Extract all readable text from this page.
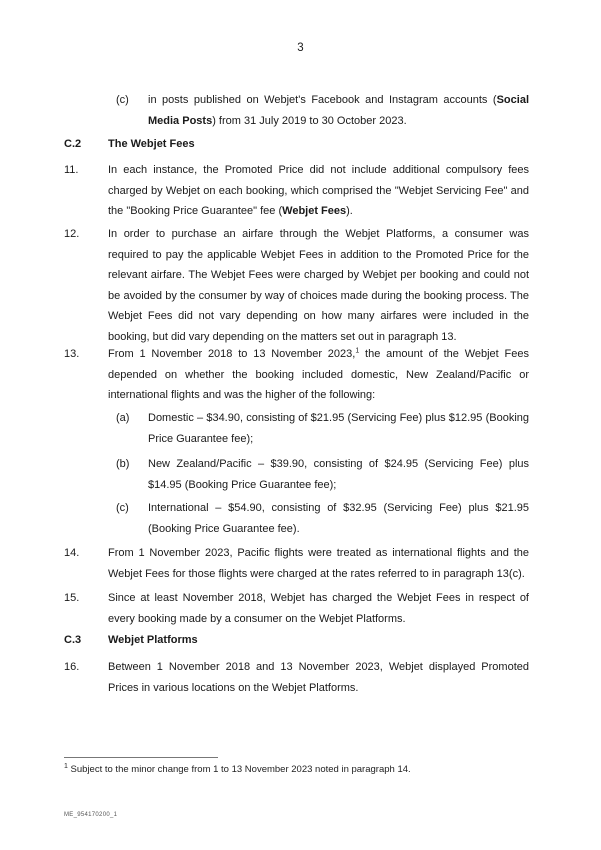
3
(c) in posts published on Webjet's Facebook and Instagram accounts (Social Media Posts) from 31 July 2019 to 30 October 2023.
C.2 The Webjet Fees
11.	In each instance, the Promoted Price did not include additional compulsory fees charged by Webjet on each booking, which comprised the "Webjet Servicing Fee" and the "Booking Price Guarantee" fee (Webjet Fees).
12.	In order to purchase an airfare through the Webjet Platforms, a consumer was required to pay the applicable Webjet Fees in addition to the Promoted Price for the relevant airfare. The Webjet Fees were charged by Webjet per booking and could not be avoided by the consumer by way of choices made during the booking process. The Webjet Fees did not vary depending on how many airfares were included in the booking, but did vary depending on the matters set out in paragraph 13.
13.	From 1 November 2018 to 13 November 2023,$^1$ the amount of the Webjet Fees depended on whether the booking included domestic, New Zealand/Pacific or international flights and was the higher of the following:
(a) Domestic – $34.90, consisting of $21.95 (Servicing Fee) plus $12.95 (Booking Price Guarantee fee);
(b) New Zealand/Pacific – $39.90, consisting of $24.95 (Servicing Fee) plus $14.95 (Booking Price Guarantee fee);
(c) International – $54.90, consisting of $32.95 (Servicing Fee) plus $21.95 (Booking Price Guarantee fee).
14.	From 1 November 2023, Pacific flights were treated as international flights and the Webjet Fees for those flights were charged at the rates referred to in paragraph 13(c).
15.	Since at least November 2018, Webjet has charged the Webjet Fees in respect of every booking made by a consumer on the Webjet Platforms.
C.3 Webjet Platforms
16.	Between 1 November 2018 and 13 November 2023, Webjet displayed Promoted Prices in various locations on the Webjet Platforms.
$^1$ Subject to the minor change from 1 to 13 November 2023 noted in paragraph 14.
ME_954170200_1
